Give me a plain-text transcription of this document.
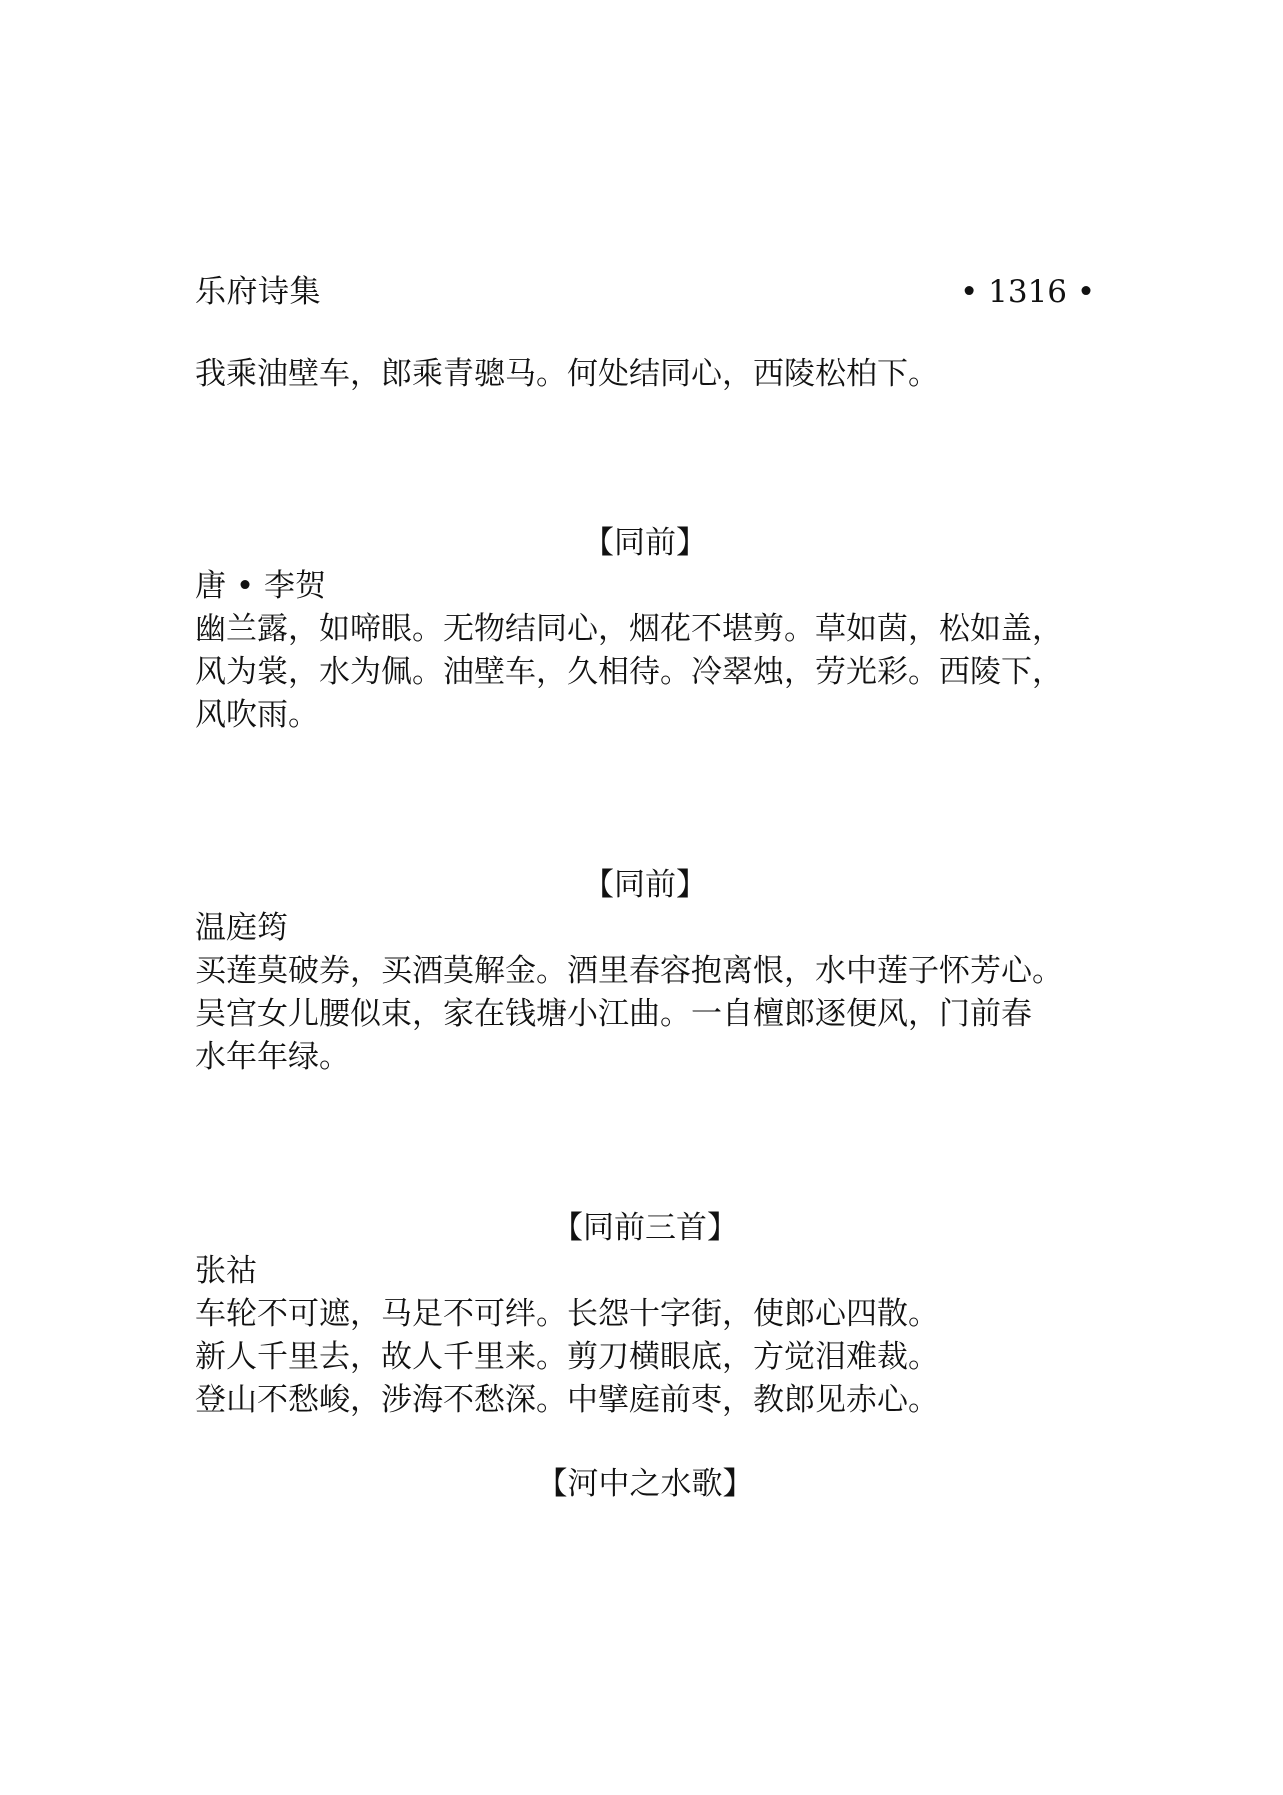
乐府诗集	• 1316 •
我乘油壁车，郎乘青骢马。何处结同心，西陵松柏下。
【同前】
唐 • 李贺
幽兰露，如啼眼。无物结同心，烟花不堪剪。草如茵，松如盖，
风为裳，水为佩。油壁车，久相待。冷翠烛，劳光彩。西陵下，
风吹雨。
【同前】
温庭筠
买莲莫破券，买酒莫解金。酒里春容抱离恨，水中莲子怀芳心。
吴宫女儿腰似束，家在钱塘小江曲。一自檀郎逐便风，门前春
水年年绿。
【同前三首】
张祜
车轮不可遮，马足不可绊。长怨十字街，使郎心四散。
新人千里去，故人千里来。剪刀横眼底，方觉泪难裁。
登山不愁峻，涉海不愁深。中擘庭前枣，教郎见赤心。
【河中之水歌】
